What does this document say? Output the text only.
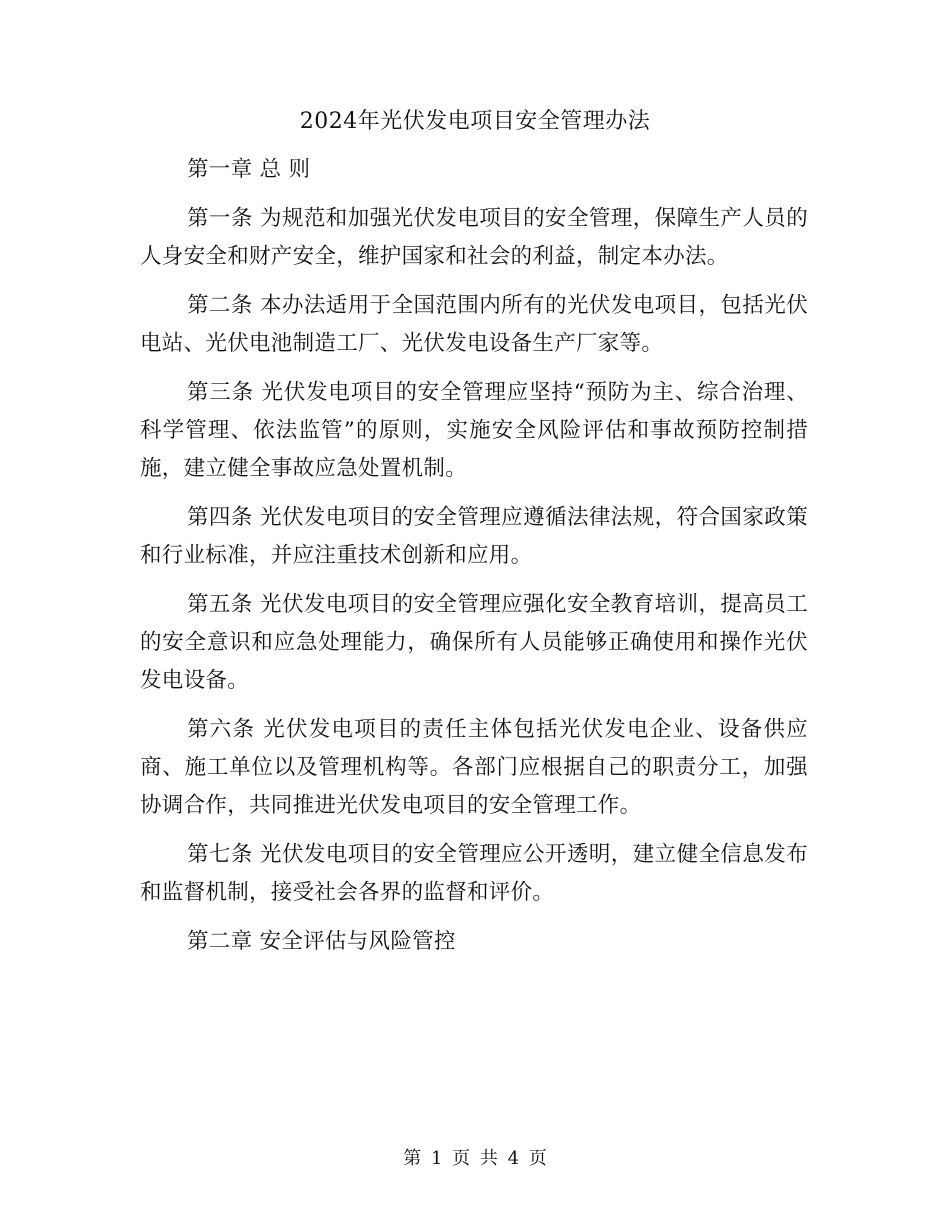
2024年光伏发电项目安全管理办法

第一章 总 则

第一条 为规范和加强光伏发电项目的安全管理，保障生产人员的人身安全和财产安全，维护国家和社会的利益，制定本办法。

第二条 本办法适用于全国范围内所有的光伏发电项目，包括光伏电站、光伏电池制造工厂、光伏发电设备生产厂家等。

第三条 光伏发电项目的安全管理应坚持“预防为主、综合治理、科学管理、依法监管”的原则，实施安全风险评估和事故预防控制措施，建立健全事故应急处置机制。

第四条 光伏发电项目的安全管理应遵循法律法规，符合国家政策和行业标准，并应注重技术创新和应用。

第五条 光伏发电项目的安全管理应强化安全教育培训，提高员工的安全意识和应急处理能力，确保所有人员能够正确使用和操作光伏发电设备。

第六条 光伏发电项目的责任主体包括光伏发电企业、设备供应商、施工单位以及管理机构等。各部门应根据自己的职责分工，加强协调合作，共同推进光伏发电项目的安全管理工作。

第七条 光伏发电项目的安全管理应公开透明，建立健全信息发布和监督机制，接受社会各界的监督和评价。

第二章 安全评估与风险管控

第 1 页 共 4 页
